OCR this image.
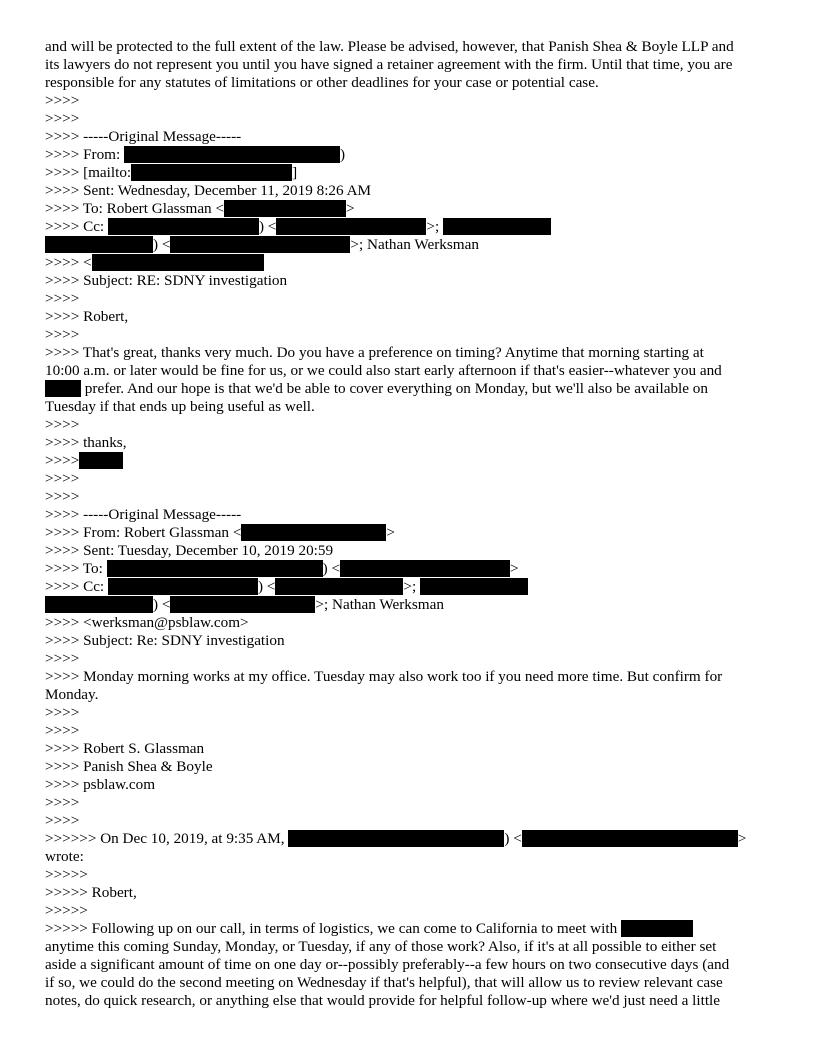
and will be protected to the full extent of the law. Please be advised, however, that Panish Shea & Boyle LLP and
its lawyers do not represent you until you have signed a retainer agreement with the firm. Until that time, you are
responsible for any statutes of limitations or other deadlines for your case or potential case.
>>>>
>>>>
>>>> -----Original Message-----
>>>> From:	)
>>>> [mailto:	]
>>>> Sent: Wednesday, December 11, 2019 8:26 AM
>>>> To: Robert Glassman <	>
>>>> Cc:	) <	>;
) <	>; Nathan Werksman
>>>> <
>>>> Subject: RE: SDNY investigation
>>>>
>>>> Robert,
>>>>
>>>> That's great, thanks very much. Do you have a preference on timing? Anytime that morning starting at
10:00 a.m. or later would be fine for us, or we could also start early afternoon if that's easier--whatever you and
prefer. And our hope is that we'd be able to cover everything on Monday, but we'll also be available on
Tuesday if that ends up being useful as well.
>>>>
>>>> thanks,
>>>>
>>>>
>>>>
>>>> -----Original Message-----
>>>> From: Robert Glassman <	>
>>>> Sent: Tuesday, December 10, 2019 20:59
>>>> To:	) <	>
>>>> Cc:	) <	>;
) <	>; Nathan Werksman
>>>> <werksman@psblaw.com>
>>>> Subject: Re: SDNY investigation
>>>>
>>>> Monday morning works at my office. Tuesday may also work too if you need more time. But confirm for
Monday.
>>>>
>>>>
>>>> Robert S. Glassman
>>>> Panish Shea & Boyle
>>>> psblaw.com
>>>>
>>>>
>>>>>> On Dec 10, 2019, at 9:35 AM,	) <	>
wrote:
>>>>>
>>>>> Robert,
>>>>>
>>>>> Following up on our call, in terms of logistics, we can come to California to meet with
anytime this coming Sunday, Monday, or Tuesday, if any of those work? Also, if it's at all possible to either set
aside a significant amount of time on one day or--possibly preferably--a few hours on two consecutive days (and
if so, we could do the second meeting on Wednesday if that's helpful), that will allow us to review relevant case
notes, do quick research, or anything else that would provide for helpful follow-up where we'd just need a little
